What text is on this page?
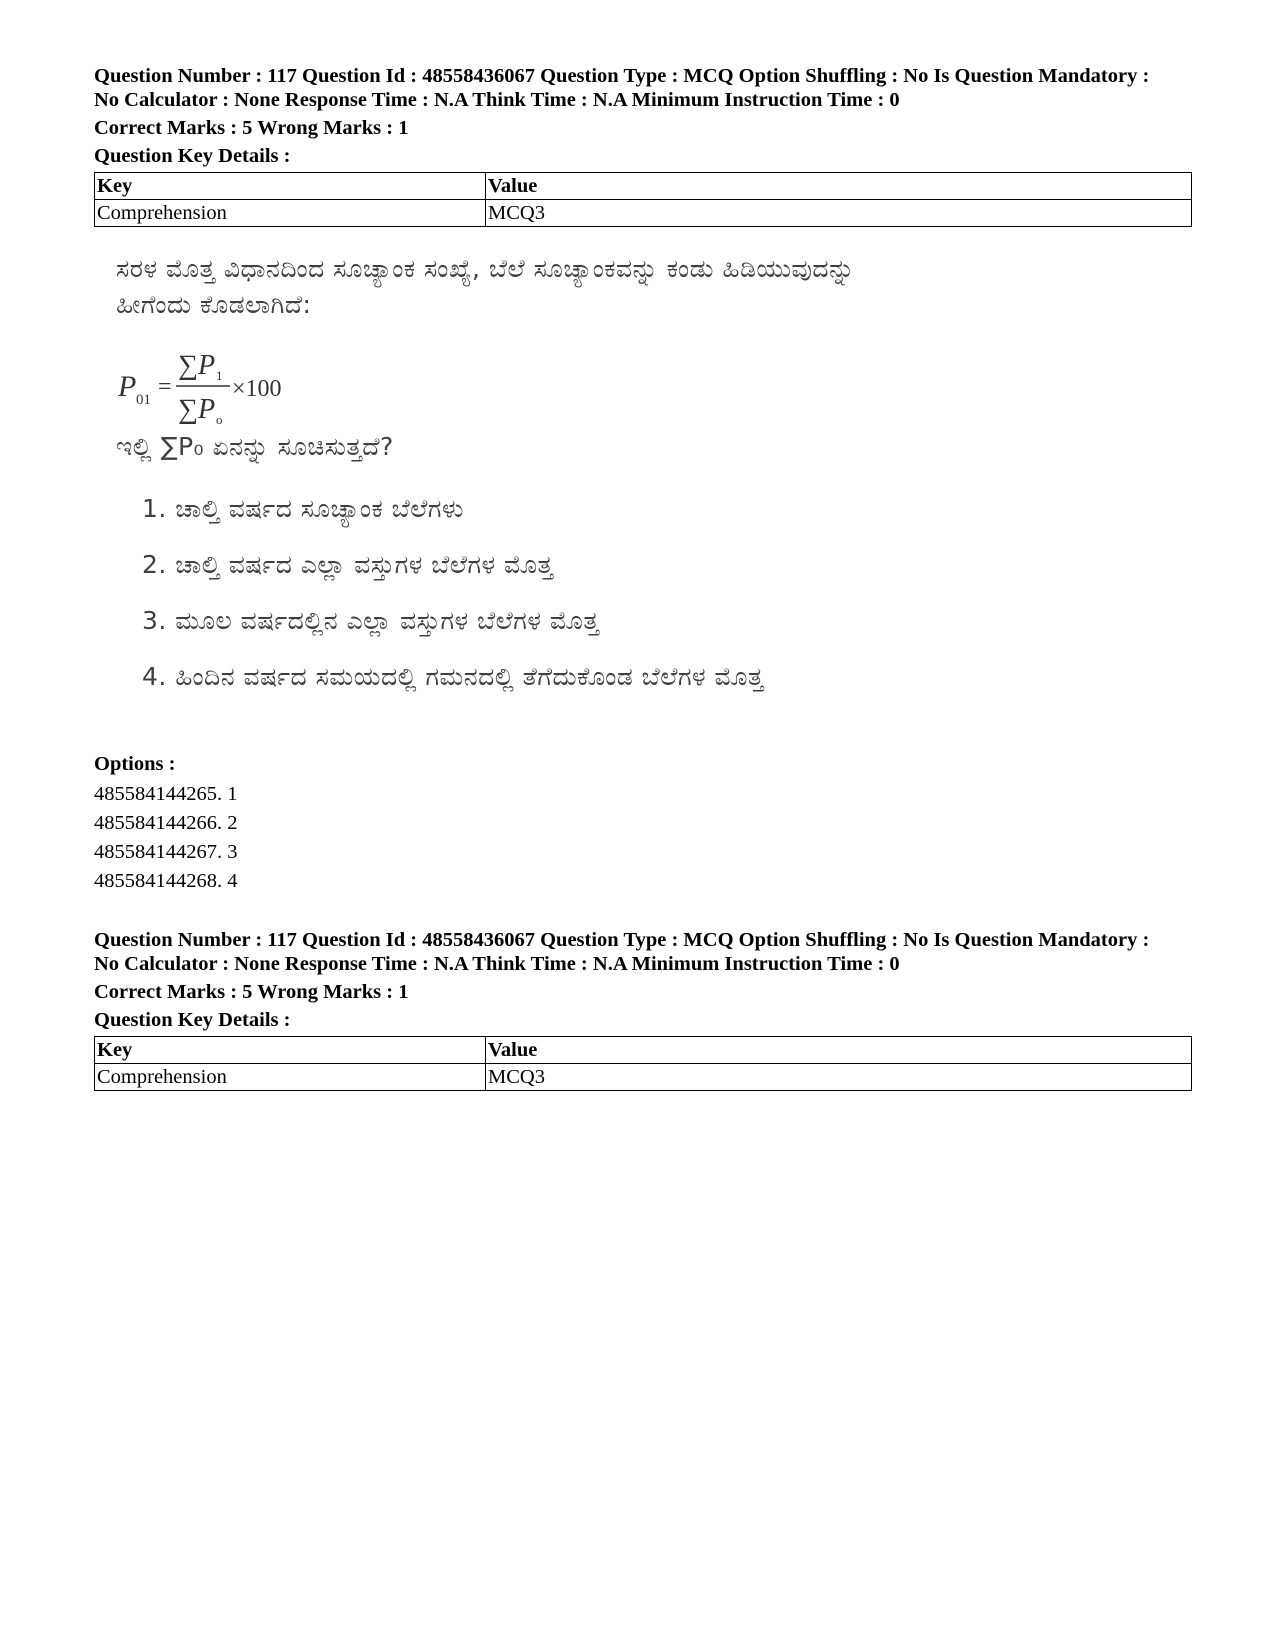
Question Number : 117 Question Id : 48558436067 Question Type : MCQ Option Shuffling : No Is Question Mandatory :

No Calculator : None Response Time : N.A Think Time : N.A Minimum Instruction Time : 0

Correct Marks : 5 Wrong Marks : 1

Question Key Details :

Key	Value
Comprehension	MCQ3
ಸರಳ ಮೊತ್ತ ವಿಧಾನದಿಂದ ಸೂಚ್ಯಾಂಕ ಸಂಖ್ಯೆ, ಬೆಲೆ ಸೂಚ್ಯಾಂಕವನ್ನು ಕಂಡು ಹಿಡಿಯುವುದನ್ನು
ಹೀಗೆಂದು ಕೊಡಲಾಗಿದೆ:
P 01 =
∑P 1
∑P o
×100
ಇಲ್ಲಿ ∑P₀ ಏನನ್ನು ಸೂಚಿಸುತ್ತದೆ?
1. ಚಾಲ್ತಿ ವರ್ಷದ ಸೂಚ್ಯಾಂಕ ಬೆಲೆಗಳು
2. ಚಾಲ್ತಿ ವರ್ಷದ ಎಲ್ಲಾ ವಸ್ತುಗಳ ಬೆಲೆಗಳ ಮೊತ್ತ
3. ಮೂಲ ವರ್ಷದಲ್ಲಿನ ಎಲ್ಲಾ ವಸ್ತುಗಳ ಬೆಲೆಗಳ ಮೊತ್ತ
4. ಹಿಂದಿನ ವರ್ಷದ ಸಮಯದಲ್ಲಿ ಗಮನದಲ್ಲಿ ತೆಗೆದುಕೊಂಡ ಬೆಲೆಗಳ ಮೊತ್ತ
Options :
485584144265. 1
485584144266. 2
485584144267. 3
485584144268. 4

Question Number : 117 Question Id : 48558436067 Question Type : MCQ Option Shuffling : No Is Question Mandatory :

No Calculator : None Response Time : N.A Think Time : N.A Minimum Instruction Time : 0

Correct Marks : 5 Wrong Marks : 1

Question Key Details :

Key	Value
Comprehension	MCQ3
